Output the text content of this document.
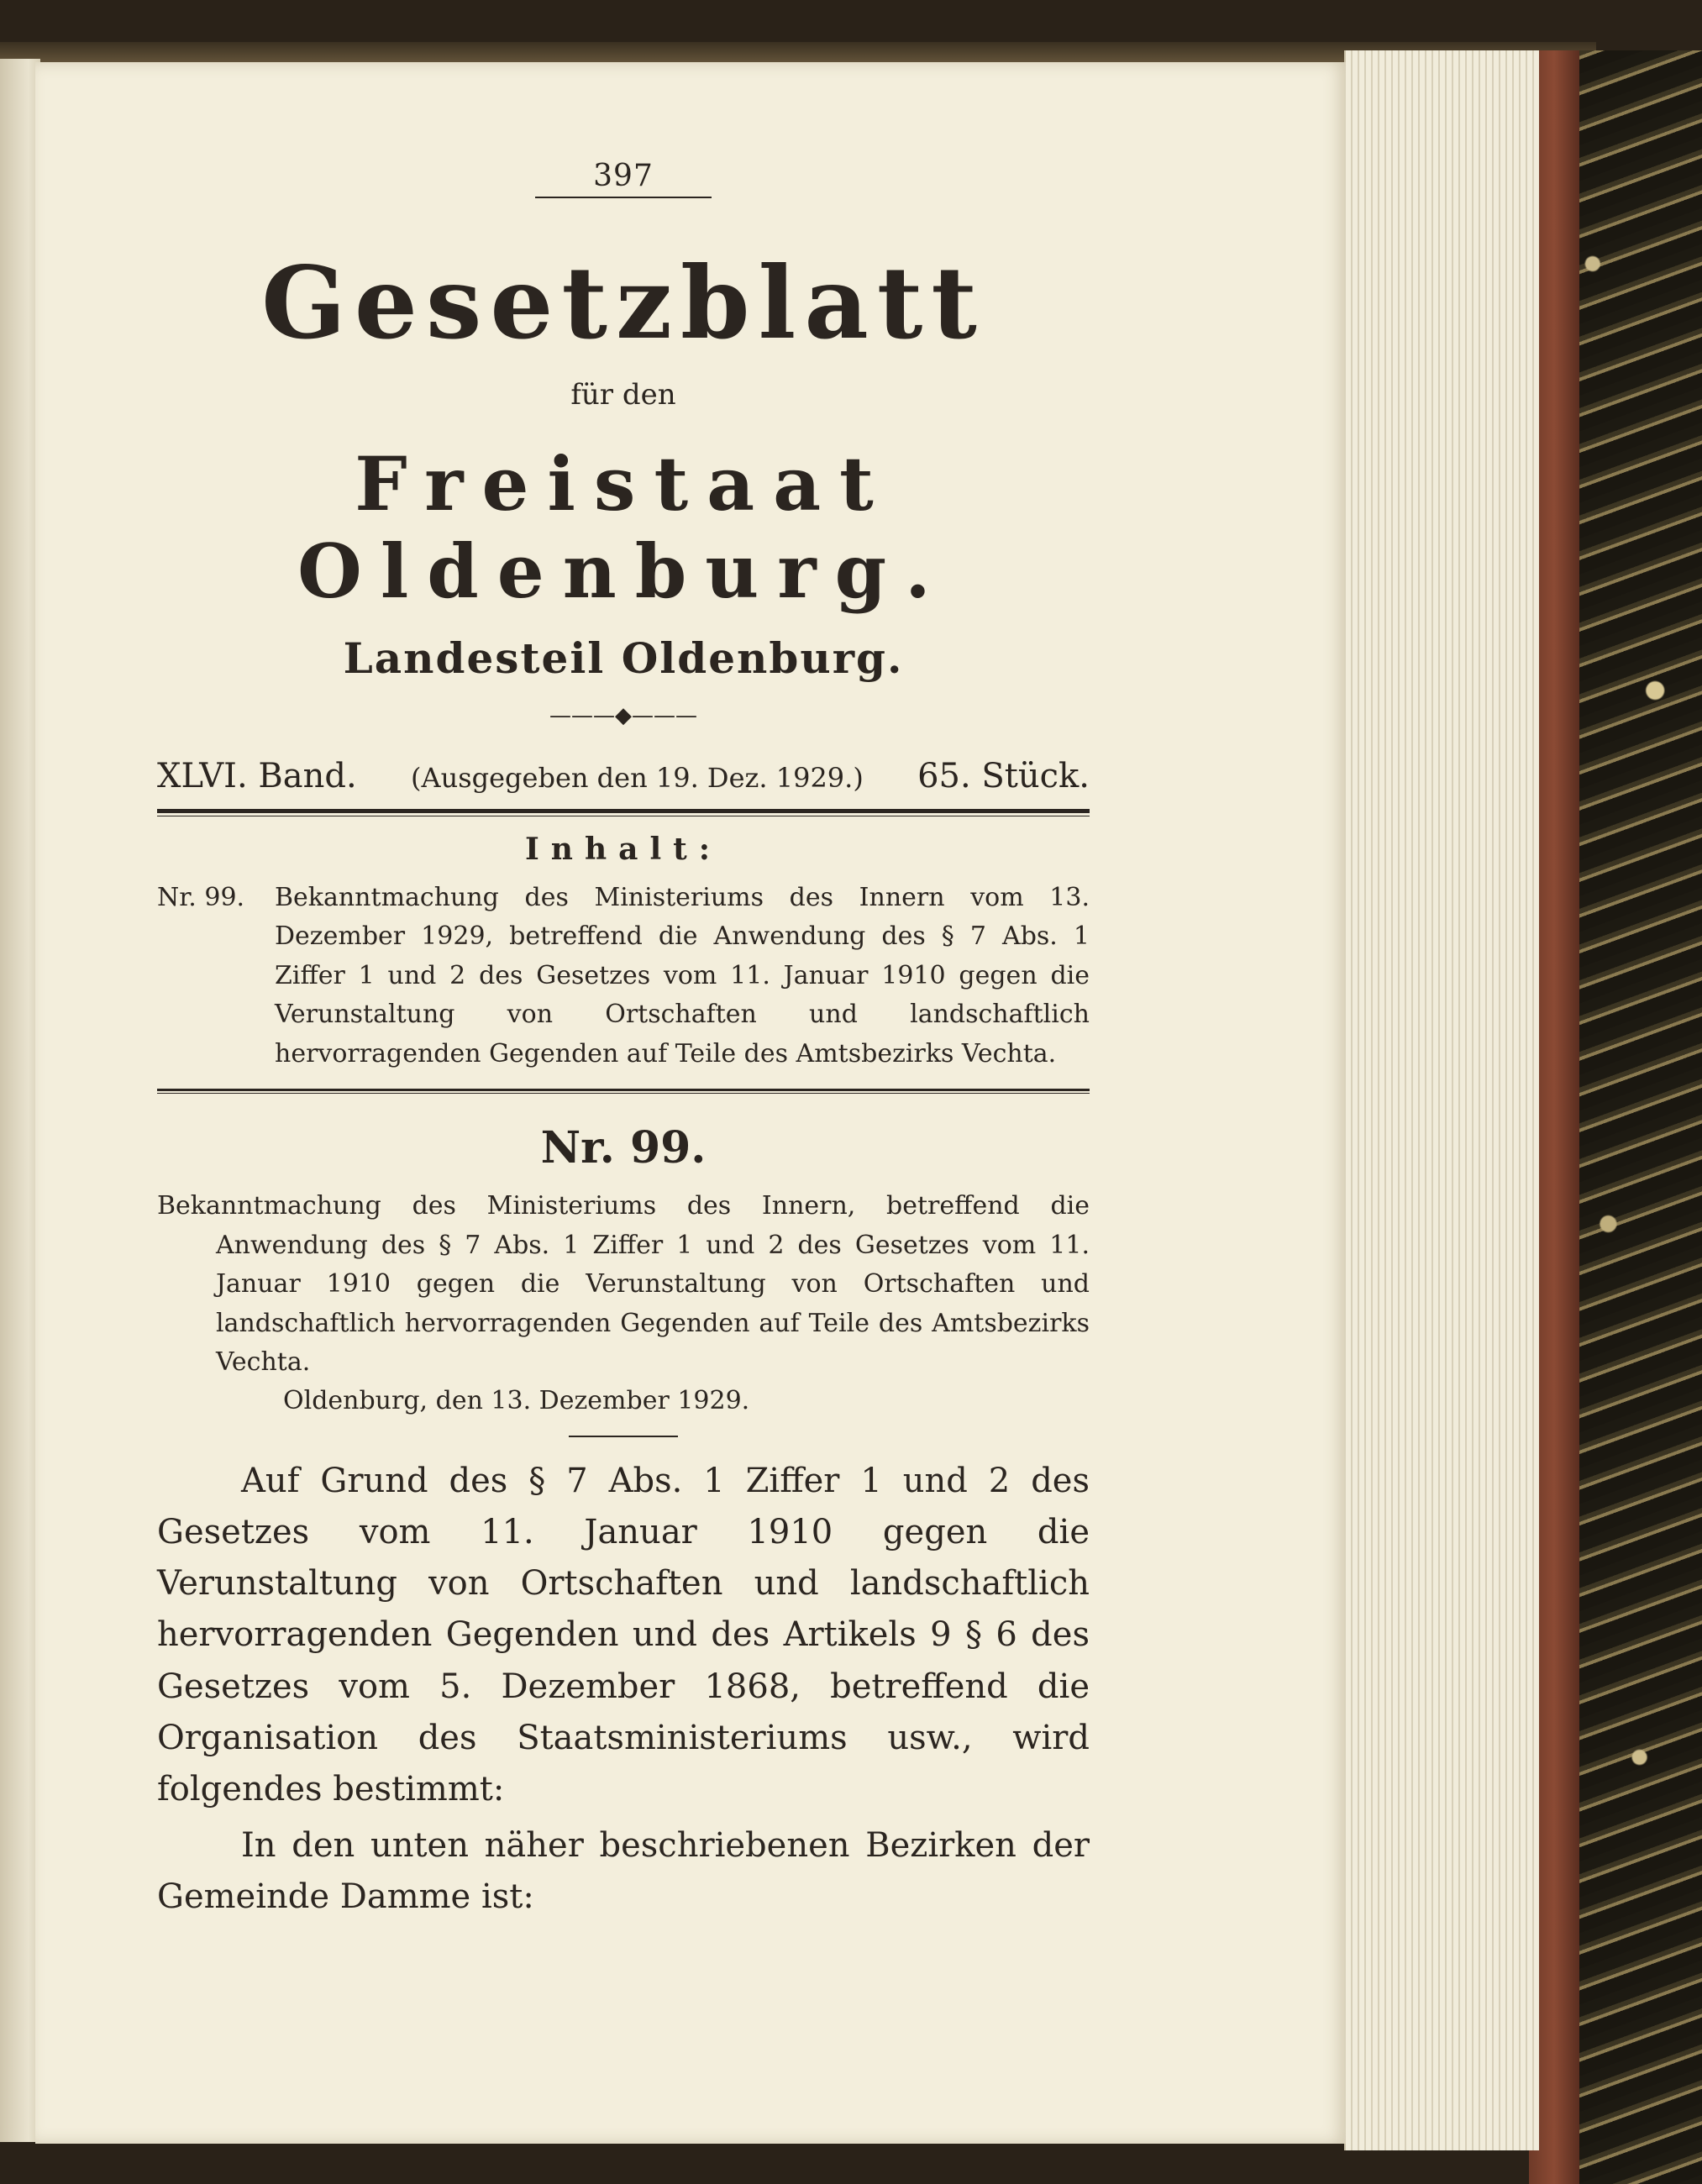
397
Gesetzblatt
für den
Freistaat Oldenburg.
Landesteil Oldenburg.
———◆———
XLVI. Band. (Ausgegeben den 19. Dez. 1929.) 65. Stück.
Inhalt:
Nr. 99.	Bekanntmachung des Ministeriums des Innern vom 13. Dezember 1929, betreffend die Anwendung des § 7 Abs. 1 Ziffer 1 und 2 des Gesetzes vom 11. Januar 1910 gegen die Verunstaltung von Ortschaften und landschaftlich hervorragenden Gegenden auf Teile des Amtsbezirks Vechta.
Nr. 99.
Bekanntmachung des Ministeriums des Innern, betreffend die Anwendung des § 7 Abs. 1 Ziffer 1 und 2 des Gesetzes vom 11. Januar 1910 gegen die Verunstaltung von Ortschaften und landschaftlich hervorragenden Gegenden auf Teile des Amtsbezirks Vechta.
Oldenburg, den 13. Dezember 1929.
Auf Grund des § 7 Abs. 1 Ziffer 1 und 2 des Gesetzes vom 11. Januar 1910 gegen die Verunstaltung von Ortschaften und landschaftlich hervorragenden Gegenden und des Artikels 9 § 6 des Gesetzes vom 5. Dezember 1868, betreffend die Organisation des Staatsministeriums usw., wird folgendes bestimmt:
In den unten näher beschriebenen Bezirken der Gemeinde Damme ist:
